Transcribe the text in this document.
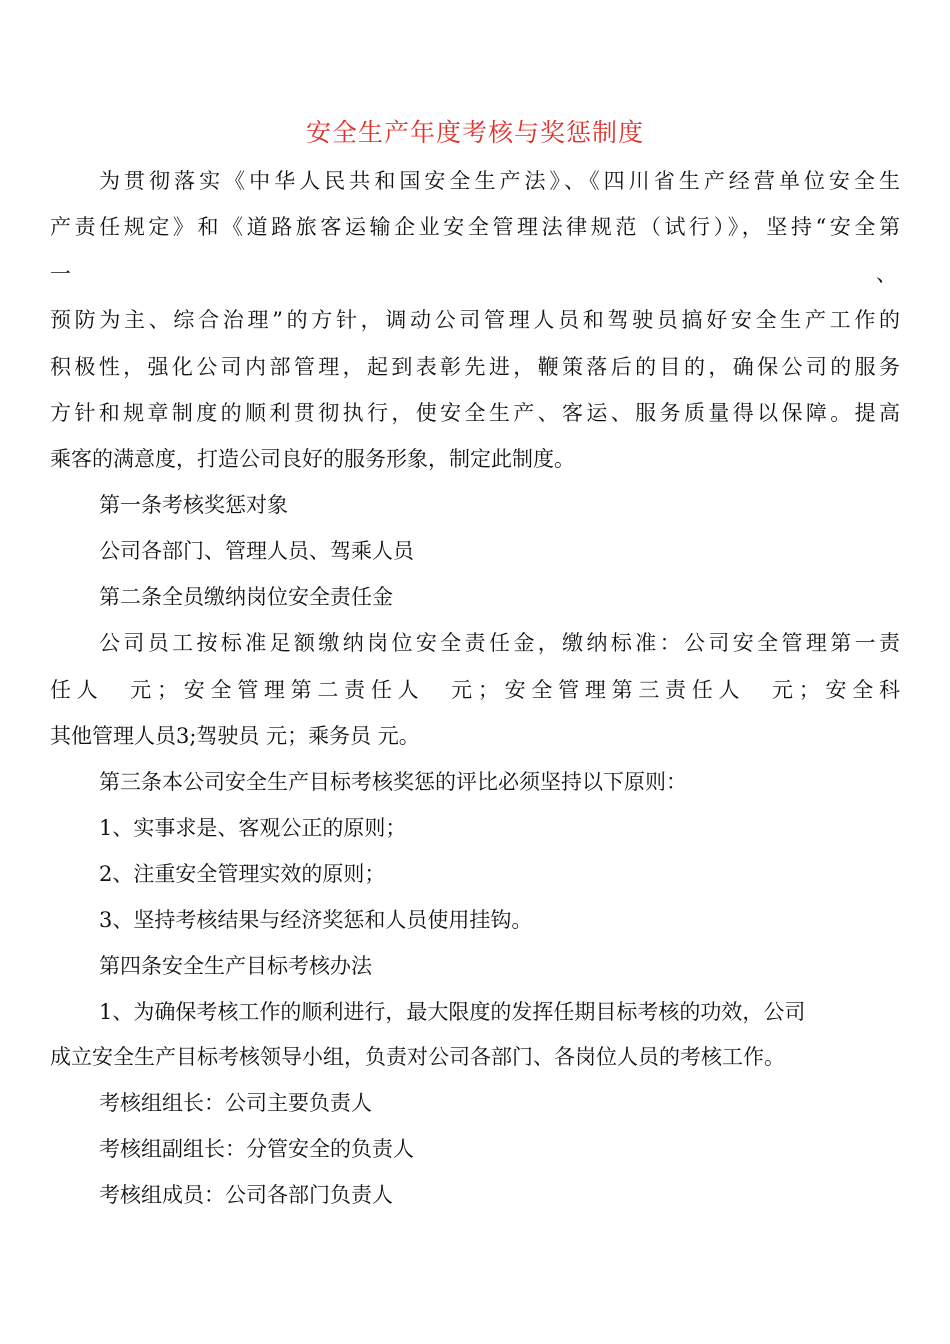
安全生产年度考核与奖惩制度
为贯彻落实《中华人民共和国安全生产法》、《四川省生产经营单位安全生
产责任规定》和《道路旅客运输企业安全管理法律规范（试行）》，坚持“安全第
一	、
预防为主、综合治理”的方针，调动公司管理人员和驾驶员搞好安全生产工作的
积极性，强化公司内部管理，起到表彰先进，鞭策落后的目的，确保公司的服务
方针和规章制度的顺利贯彻执行，使安全生产、客运、服务质量得以保障。提高
乘客的满意度，打造公司良好的服务形象，制定此制度。
第一条考核奖惩对象
公司各部门、管理人员、驾乘人员
第二条全员缴纳岗位安全责任金
公司员工按标准足额缴纳岗位安全责任金，缴纳标准：公司安全管理第一责
任人　元；安全管理第二责任人　元；安全管理第三责任人　元；安全科
其他管理人员3;驾驶员 元；乘务员 元。
第三条本公司安全生产目标考核奖惩的评比必须坚持以下原则：
1、实事求是、客观公正的原则；
2、注重安全管理实效的原则；
3、坚持考核结果与经济奖惩和人员使用挂钩。
第四条安全生产目标考核办法
1、为确保考核工作的顺利进行，最大限度的发挥任期目标考核的功效，公司
成立安全生产目标考核领导小组，负责对公司各部门、各岗位人员的考核工作。
考核组组长：公司主要负责人
考核组副组长：分管安全的负责人
考核组成员：公司各部门负责人
